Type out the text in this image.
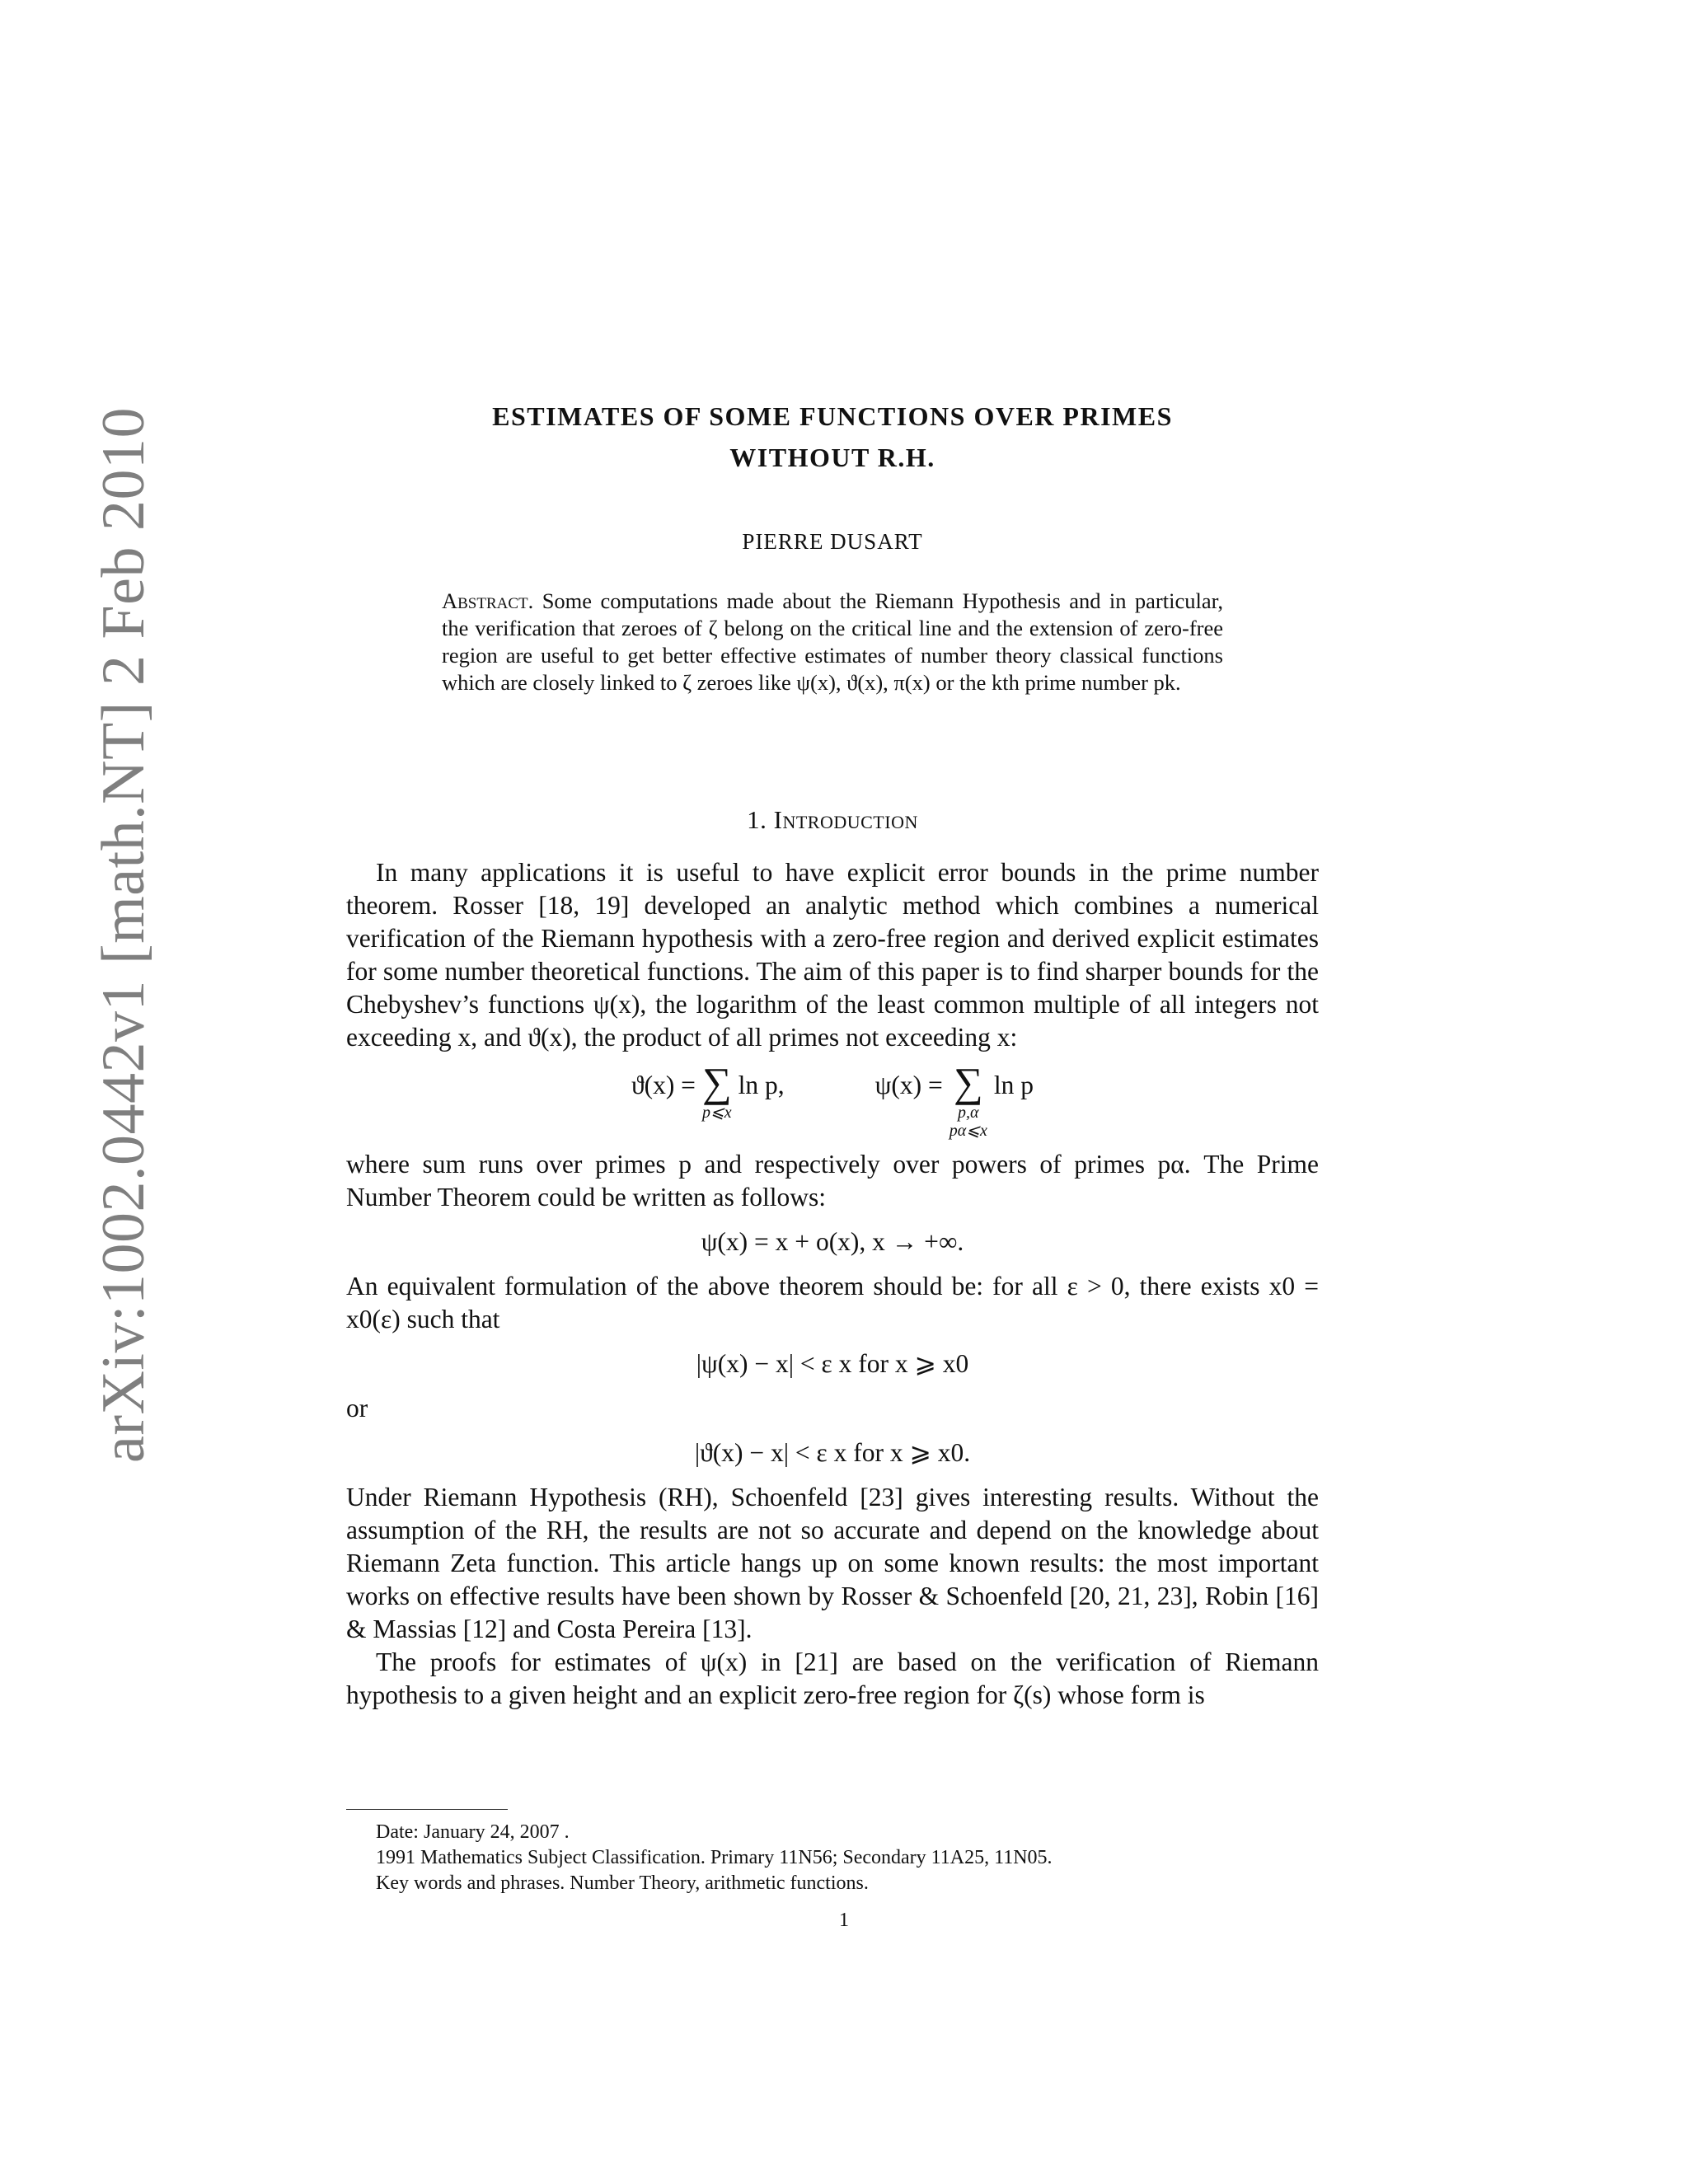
arXiv:1002.0442v1 [math.NT] 2 Feb 2010	ESTIMATES OF SOME FUNCTIONS OVER PRIMES
WITHOUT R.H.
PIERRE DUSART
Abstract. Some computations made about the Riemann Hypothesis and in particular, the verification that zeroes of ζ belong on the critical line and the extension of zero-free region are useful to get better effective estimates of number theory classical functions which are closely linked to ζ zeroes like ψ(x), ϑ(x), π(x) or the kth prime number pk.
1. Introduction

In many applications it is useful to have explicit error bounds in the prime number theorem. Rosser [18, 19] developed an analytic method which combines a numerical verification of the Riemann hypothesis with a zero-free region and derived explicit estimates for some number theoretical functions. The aim of this paper is to find sharper bounds for the Chebyshev’s functions ψ(x), the logarithm of the least common multiple of all integers not exceeding x, and ϑ(x), the product of all primes not exceeding x:

ϑ(x) = ∑
p⩽x
ln p,	ψ(x) = ∑
p,α
pα⩽x
ln p

where sum runs over primes p and respectively over powers of primes pα. The Prime Number Theorem could be written as follows:

ψ(x) = x + o(x), x → +∞.

An equivalent formulation of the above theorem should be: for all ε > 0, there exists x0 = x0(ε) such that

|ψ(x) − x| < ε x for x ⩾ x0

or

|ϑ(x) − x| < ε x for x ⩾ x0.

Under Riemann Hypothesis (RH), Schoenfeld [23] gives interesting results. Without the assumption of the RH, the results are not so accurate and depend on the knowledge about Riemann Zeta function. This article hangs up on some known results: the most important works on effective results have been shown by Rosser & Schoenfeld [20, 21, 23], Robin [16] & Massias [12] and Costa Pereira [13].

The proofs for estimates of ψ(x) in [21] are based on the verification of Riemann hypothesis to a given height and an explicit zero-free region for ζ(s) whose form is

Date: January 24, 2007 .

1991 Mathematics Subject Classification. Primary 11N56; Secondary 11A25, 11N05.

Key words and phrases. Number Theory, arithmetic functions.

1
